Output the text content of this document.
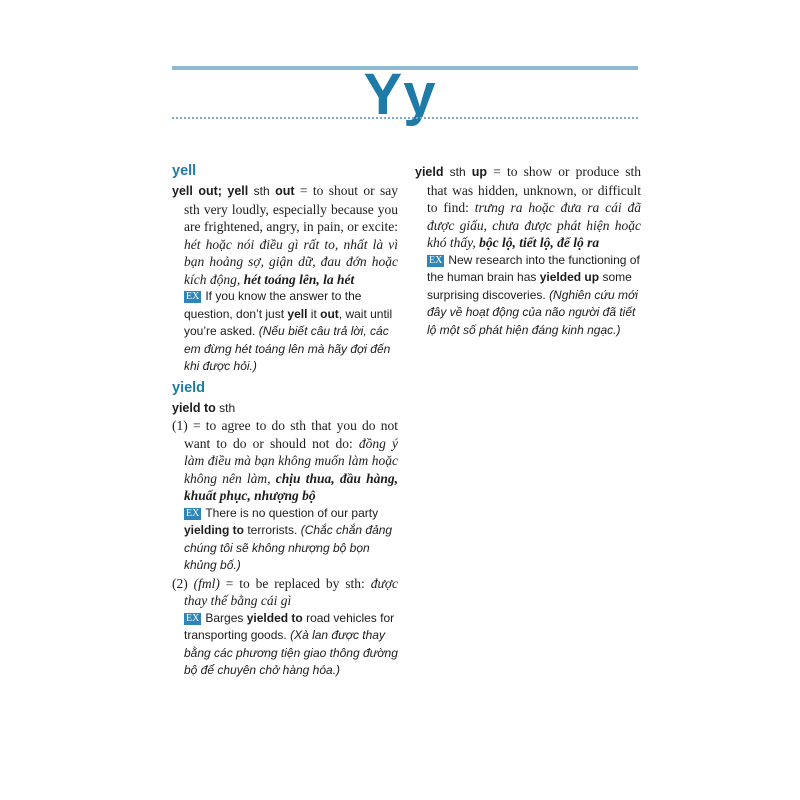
Yy
yell
yell out; yell sth out = to shout or say sth very loudly, especially because you are frightened, angry, in pain, or excite: hét hoặc nói điều gì rất to, nhất là vì bạn hoảng sợ, giận dữ, đau đớn hoặc kích động, hét toáng lên, la hét
EX If you know the answer to the question, don’t just yell it out, wait until you’re asked. (Nếu biết câu trả lời, các em đừng hét toáng lên mà hãy đợi đến khi được hỏi.)
yield
yield to sth
(1) = to agree to do sth that you do not want to do or should not do: đồng ý làm điều mà bạn không muốn làm hoặc không nên làm, chịu thua, đầu hàng, khuất phục, nhượng bộ
EX There is no question of our party yielding to terrorists. (Chắc chắn đảng chúng tôi sẽ không nhượng bộ bọn khủng bố.)
(2) (fml) = to be replaced by sth: được thay thế bằng cái gì
EX Barges yielded to road vehicles for transporting goods. (Xà lan được thay bằng các phương tiện giao thông đường bộ để chuyên chở hàng hóa.)
yield sth up = to show or produce sth that was hidden, unknown, or difficult to find: trưng ra hoặc đưa ra cái đã được giấu, chưa được phát hiện hoặc khó thấy, bộc lộ, tiết lộ, để lộ ra
EX New research into the functioning of the human brain has yielded up some surprising discoveries. (Nghiên cứu mới đây về hoạt động của não người đã tiết lộ một số phát hiện đáng kinh ngạc.)
